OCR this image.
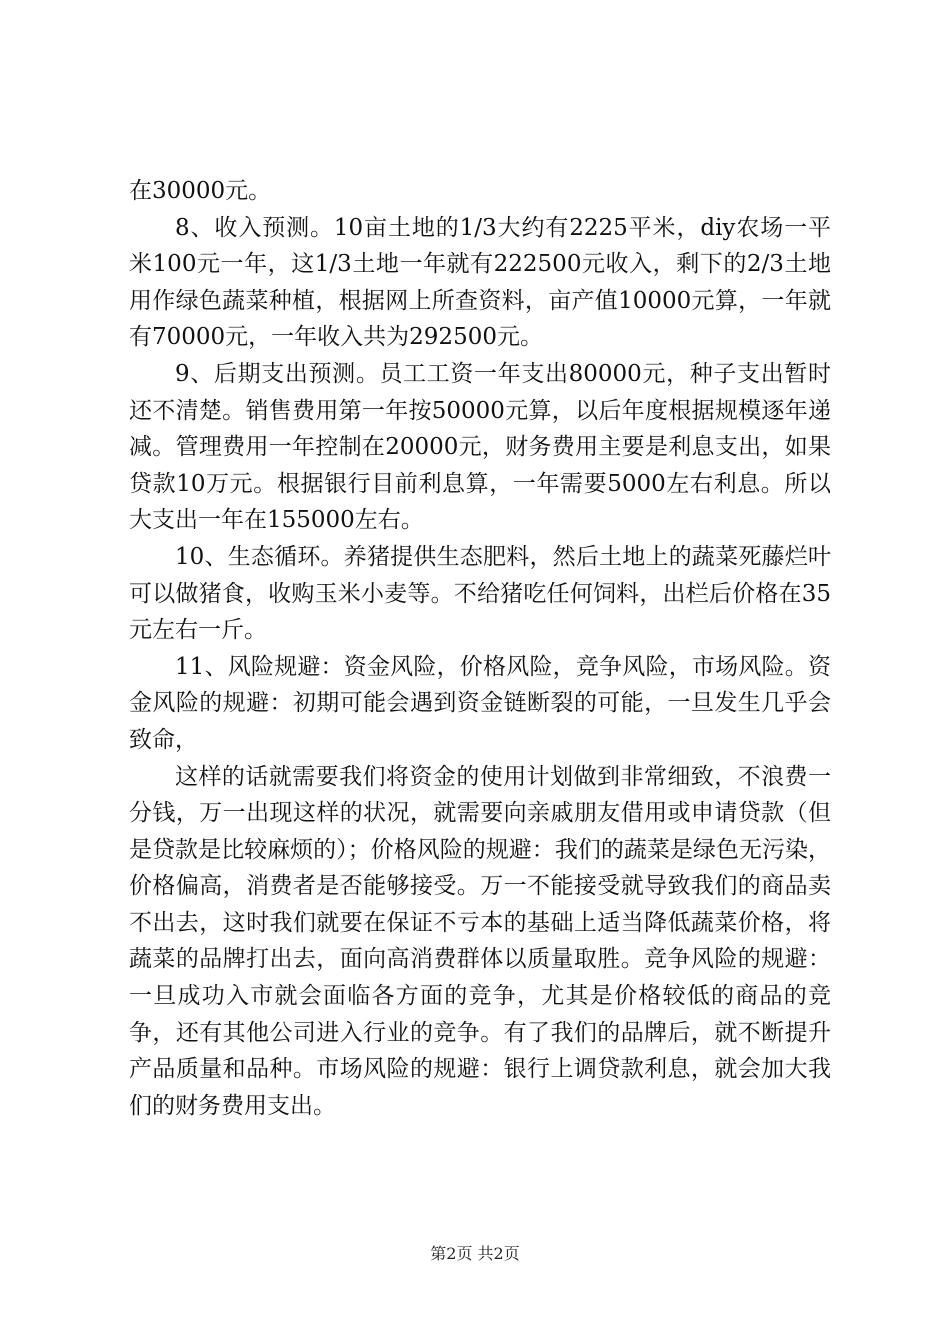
在30000元。

8、收入预测。10亩土地的1/3大约有2225平米，diy农场一平米100元一年，这1/3土地一年就有222500元收入，剩下的2/3土地用作绿色蔬菜种植，根据网上所查资料，亩产值10000元算，一年就有70000元，一年收入共为292500元。

9、后期支出预测。员工工资一年支出80000元，种子支出暂时还不清楚。销售费用第一年按50000元算，以后年度根据规模逐年递减。管理费用一年控制在20000元，财务费用主要是利息支出，如果贷款10万元。根据银行目前利息算，一年需要5000左右利息。所以大支出一年在155000左右。

10、生态循环。养猪提供生态肥料，然后土地上的蔬菜死藤烂叶可以做猪食，收购玉米小麦等。不给猪吃任何饲料，出栏后价格在35元左右一斤。

11、风险规避：资金风险，价格风险，竞争风险，市场风险。资金风险的规避：初期可能会遇到资金链断裂的可能，一旦发生几乎会致命，

这样的话就需要我们将资金的使用计划做到非常细致，不浪费一分钱，万一出现这样的状况，就需要向亲戚朋友借用或申请贷款（但是贷款是比较麻烦的）；价格风险的规避：我们的蔬菜是绿色无污染，价格偏高，消费者是否能够接受。万一不能接受就导致我们的商品卖不出去，这时我们就要在保证不亏本的基础上适当降低蔬菜价格，将蔬菜的品牌打出去，面向高消费群体以质量取胜。竞争风险的规避：一旦成功入市就会面临各方面的竞争，尤其是价格较低的商品的竞争，还有其他公司进入行业的竞争。有了我们的品牌后，就不断提升产品质量和品种。市场风险的规避：银行上调贷款利息，就会加大我们的财务费用支出。

第2页 共2页
